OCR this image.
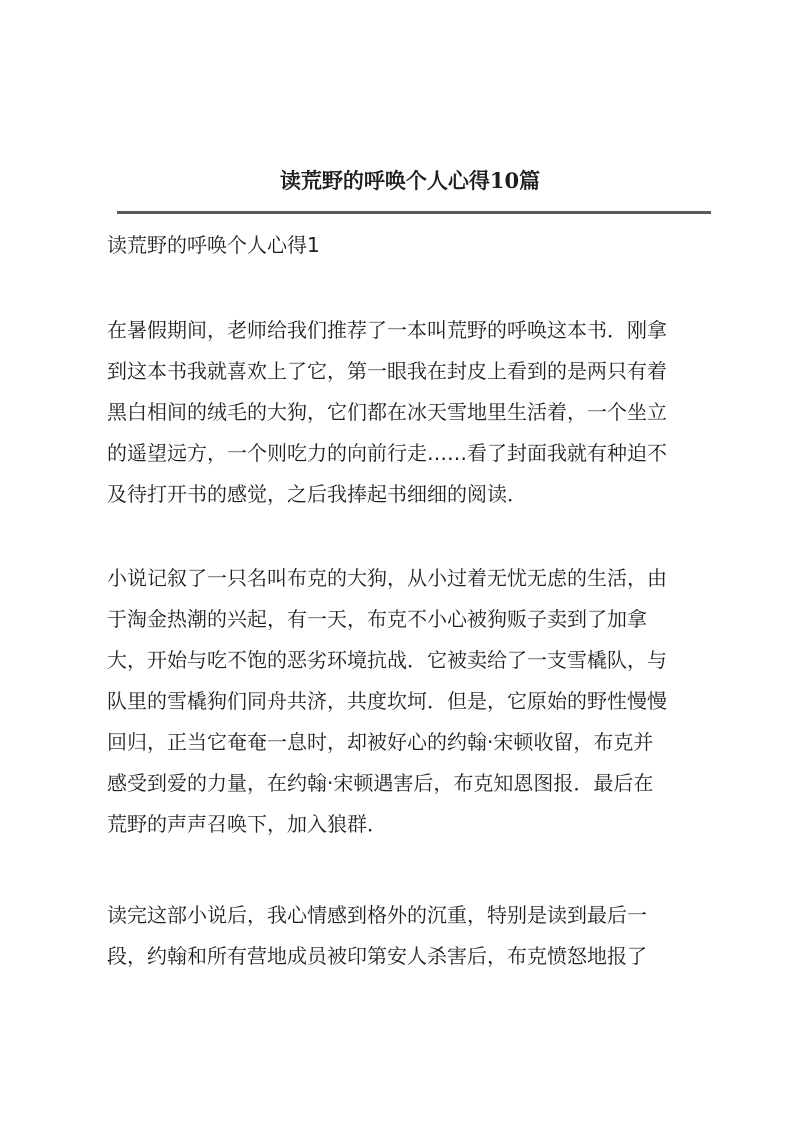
读荒野的呼唤个人心得10篇
读荒野的呼唤个人心得1
在暑假期间，老师给我们推荐了一本叫荒野的呼唤这本书．刚拿
到这本书我就喜欢上了它，第一眼我在封皮上看到的是两只有着
黑白相间的绒毛的大狗，它们都在冰天雪地里生活着，一个坐立
的遥望远方，一个则吃力的向前行走……看了封面我就有种迫不
及待打开书的感觉，之后我捧起书细细的阅读．
小说记叙了一只名叫布克的大狗，从小过着无忧无虑的生活，由
于淘金热潮的兴起，有一天，布克不小心被狗贩子卖到了加拿
大，开始与吃不饱的恶劣环境抗战．它被卖给了一支雪橇队，与
队里的雪橇狗们同舟共济，共度坎坷．但是，它原始的野性慢慢
回归，正当它奄奄一息时，却被好心的约翰·宋顿收留，布克并
感受到爱的力量，在约翰·宋顿遇害后，布克知恩图报．最后在
荒野的声声召唤下，加入狼群．
读完这部小说后，我心情感到格外的沉重，特别是读到最后一
段，约翰和所有营地成员被印第安人杀害后，布克愤怒地报了
